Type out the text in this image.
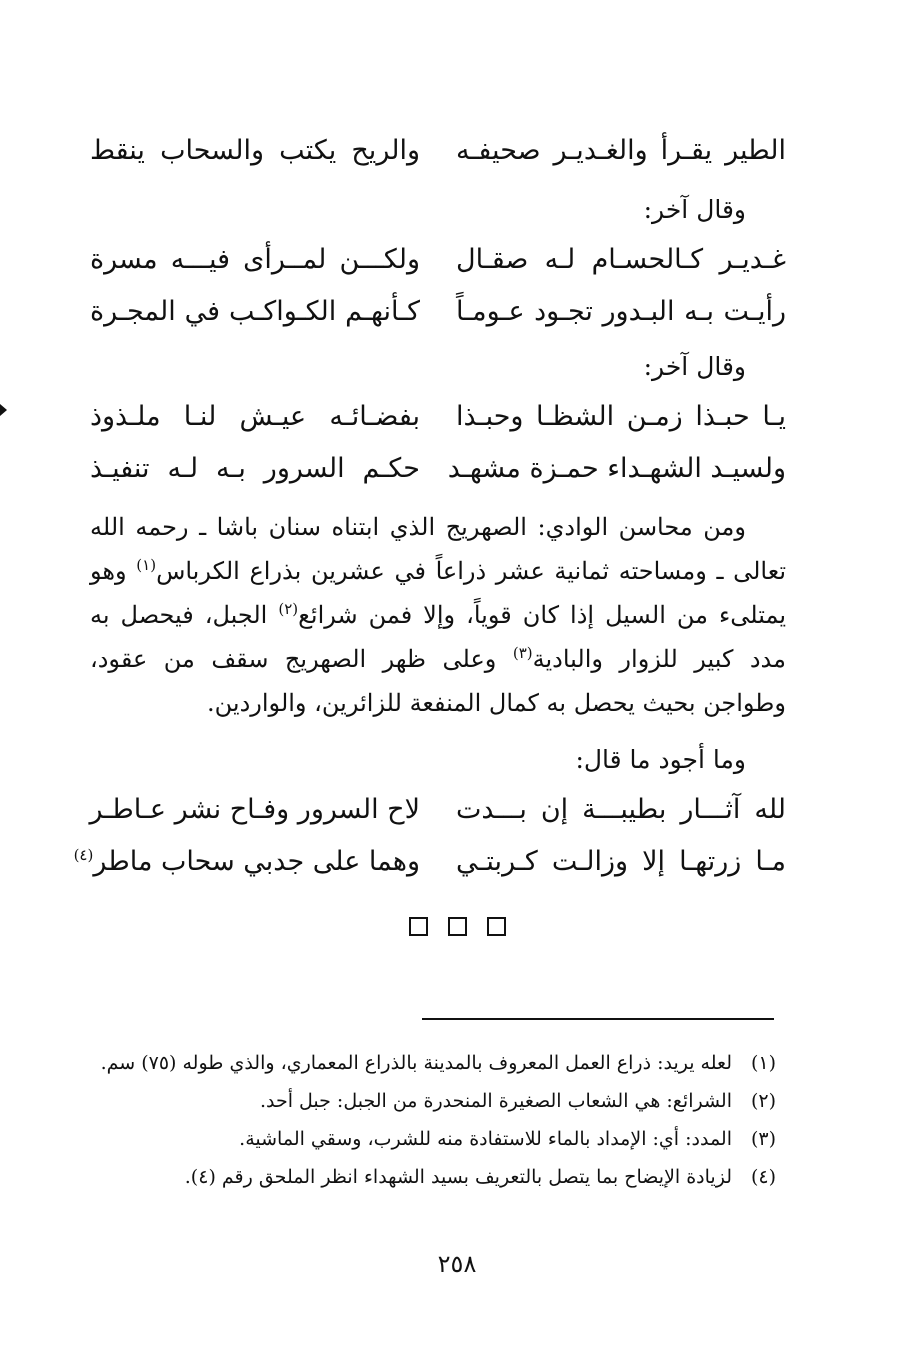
الطير يقـرأ والغـديـر صحيفـه
والريح يكتب والسحاب ينقط
وقال آخر:
غـديـر كـالحسـام لـه صقـال
ولكـــن لمــرأى فيـــه مسرة
رأيـت بـه البـدور تجـود عـومـاً
كـأنهـم الكـواكـب في المجـرة
وقال آخر:
يـا حبـذا زمـن الشظـا وحبـذا
بفضـائـه عيـش لنـا ملـذوذ
ولسيـد الشهـداء حمـزة مشهـد
حكـم السرور بـه لـه تنفيـذ

ومن محاسن الوادي: الصهريج الذي ابتناه سنان باشا ـ رحمه الله تعالى ـ ومساحته ثمانية عشر ذراعاً في عشرين بذراع الكرباس$^{(١)}$ وهو يمتلىء من السيل إذا كان قوياً، وإلا فمن شرائع$^{(٢)}$ الجبل، فيحصل به مدد كبير للزوار والبادية$^{(٣)}$ وعلى ظهر الصهريج سقف من عقود، وطواجن بحيث يحصل به كمال المنفعة للزائرين، والواردين.

وما أجود ما قال:
لله آثـــار بطيبـــة إن بـــدت
لاح السرور وفـاح نشر عـاطـر
مـا زرتهـا إلا وزالـت كـربتـي
وهما على جدبي سحاب ماطر$^{(٤)}$
(١)
لعله يريد: ذراع العمل المعروف بالمدينة بالذراع المعماري، والذي طوله (٧٥) سم.
(٢)
الشرائع: هي الشعاب الصغيرة المنحدرة من الجبل: جبل أحد.
(٣)
المدد: أي: الإمداد بالماء للاستفادة منه للشرب، وسقي الماشية.
(٤)
لزيادة الإيضاح بما يتصل بالتعريف بسيد الشهداء انظر الملحق رقم (٤).
٢٥٨
